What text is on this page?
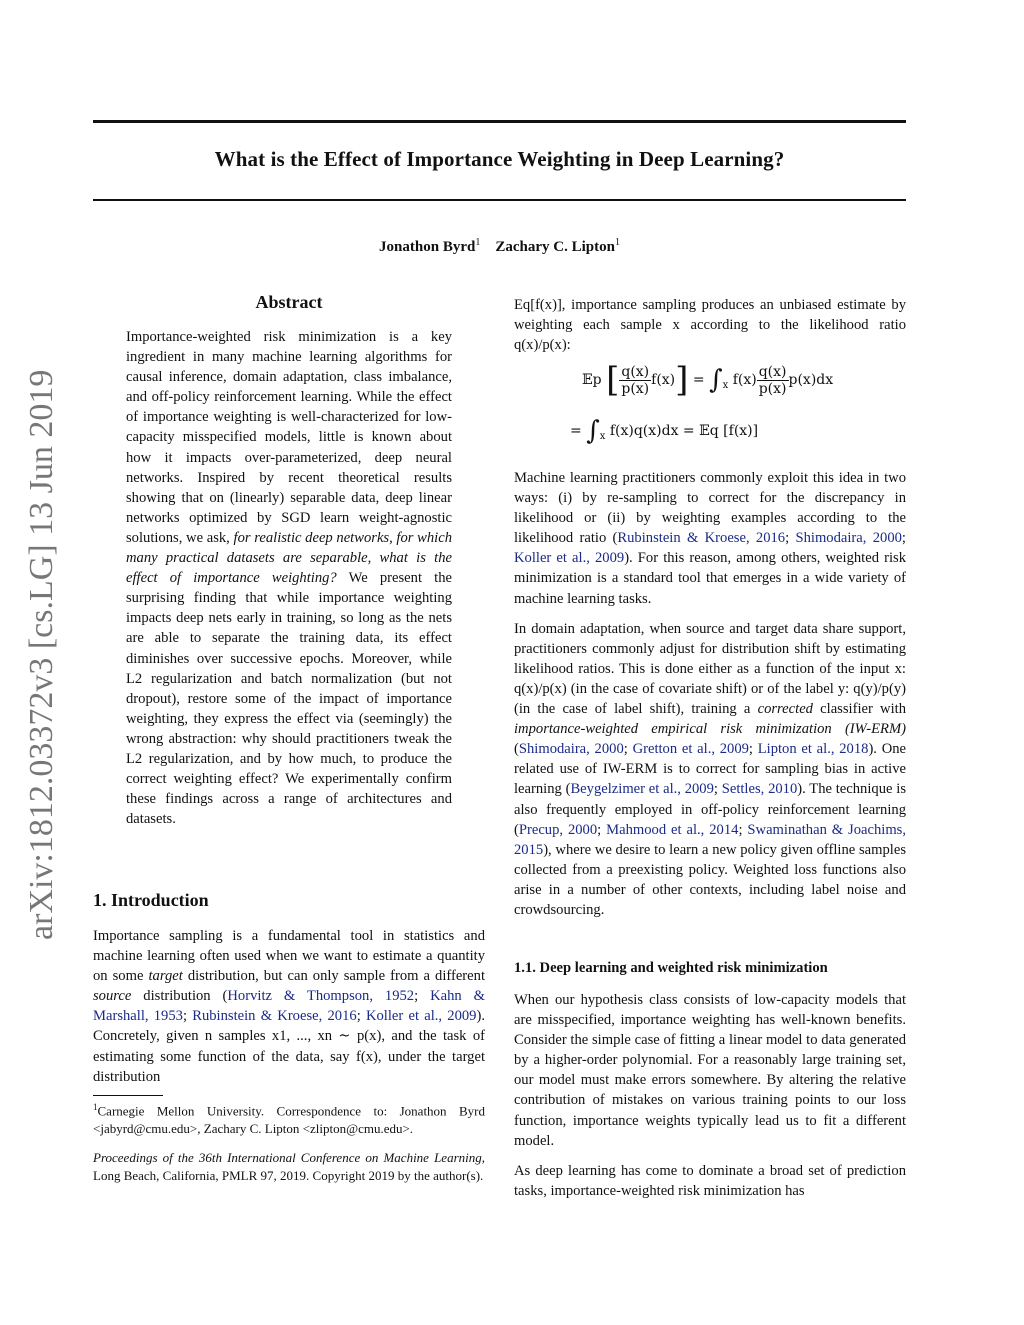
What is the Effect of Importance Weighting in Deep Learning?
Jonathon Byrd$^1$ Zachary C. Lipton$^1$
arXiv:1812.03372v3 [cs.LG] 13 Jun 2019
Abstract

Importance-weighted risk minimization is a key ingredient in many machine learning algorithms for causal inference, domain adaptation, class imbalance, and off-policy reinforcement learning. While the effect of importance weighting is well-characterized for low-capacity misspecified models, little is known about how it impacts over-parameterized, deep neural networks. Inspired by recent theoretical results showing that on (linearly) separable data, deep linear networks optimized by SGD learn weight-agnostic solutions, we ask, for realistic deep networks, for which many practical datasets are separable, what is the effect of importance weighting? We present the surprising finding that while importance weighting impacts deep nets early in training, so long as the nets are able to separate the training data, its effect diminishes over successive epochs. Moreover, while L2 regularization and batch normalization (but not dropout), restore some of the impact of importance weighting, they express the effect via (seemingly) the wrong abstraction: why should practitioners tweak the L2 regularization, and by how much, to produce the correct weighting effect? We experimentally confirm these findings across a range of architectures and datasets.

1. Introduction

Importance sampling is a fundamental tool in statistics and machine learning often used when we want to estimate a quantity on some target distribution, but can only sample from a different source distribution (Horvitz & Thompson, 1952; Kahn & Marshall, 1953; Rubinstein & Kroese, 2016; Koller et al., 2009). Concretely, given n samples x1, ..., xn ∼ p(x), and the task of estimating some function of the data, say f(x), under the target distribution

$^1$Carnegie Mellon University. Correspondence to: Jonathon Byrd <jabyrd@cmu.edu>, Zachary C. Lipton <zlipton@cmu.edu>.
Proceedings of the 36th International Conference on Machine Learning, Long Beach, California, PMLR 97, 2019. Copyright 2019 by the author(s).

Eq[f(x)], importance sampling produces an unbiased estimate by weighting each sample x according to the likelihood ratio q(x)/p(x):

𝔼p [ $\frac{q(x)}{p(x)} f(x)] = \int_x$ $f(x) \frac{q(x)}{p(x)} p(x)dx$
= $\int_x$ f(x)q(x)dx = 𝔼q [f(x)]

Machine learning practitioners commonly exploit this idea in two ways: (i) by re-sampling to correct for the discrepancy in likelihood or (ii) by weighting examples according to the likelihood ratio (Rubinstein & Kroese, 2016; Shimodaira, 2000; Koller et al., 2009). For this reason, among others, weighted risk minimization is a standard tool that emerges in a wide variety of machine learning tasks.

In domain adaptation, when source and target data share support, practitioners commonly adjust for distribution shift by estimating likelihood ratios. This is done either as a function of the input x: q(x)/p(x) (in the case of covariate shift) or of the label y: q(y)/p(y) (in the case of label shift), training a corrected classifier with importance-weighted empirical risk minimization (IW-ERM) (Shimodaira, 2000; Gretton et al., 2009; Lipton et al., 2018). One related use of IW-ERM is to correct for sampling bias in active learning (Beygelzimer et al., 2009; Settles, 2010). The technique is also frequently employed in off-policy reinforcement learning (Precup, 2000; Mahmood et al., 2014; Swaminathan & Joachims, 2015), where we desire to learn a new policy given offline samples collected from a preexisting policy. Weighted loss functions also arise in a number of other contexts, including label noise and crowdsourcing.

1.1. Deep learning and weighted risk minimization

When our hypothesis class consists of low-capacity models that are misspecified, importance weighting has well-known benefits. Consider the simple case of fitting a linear model to data generated by a higher-order polynomial. For a reasonably large training set, our model must make errors somewhere. By altering the relative contribution of mistakes on various training points to our loss function, importance weights typically lead us to fit a different model.

As deep learning has come to dominate a broad set of prediction tasks, importance-weighted risk minimization has
